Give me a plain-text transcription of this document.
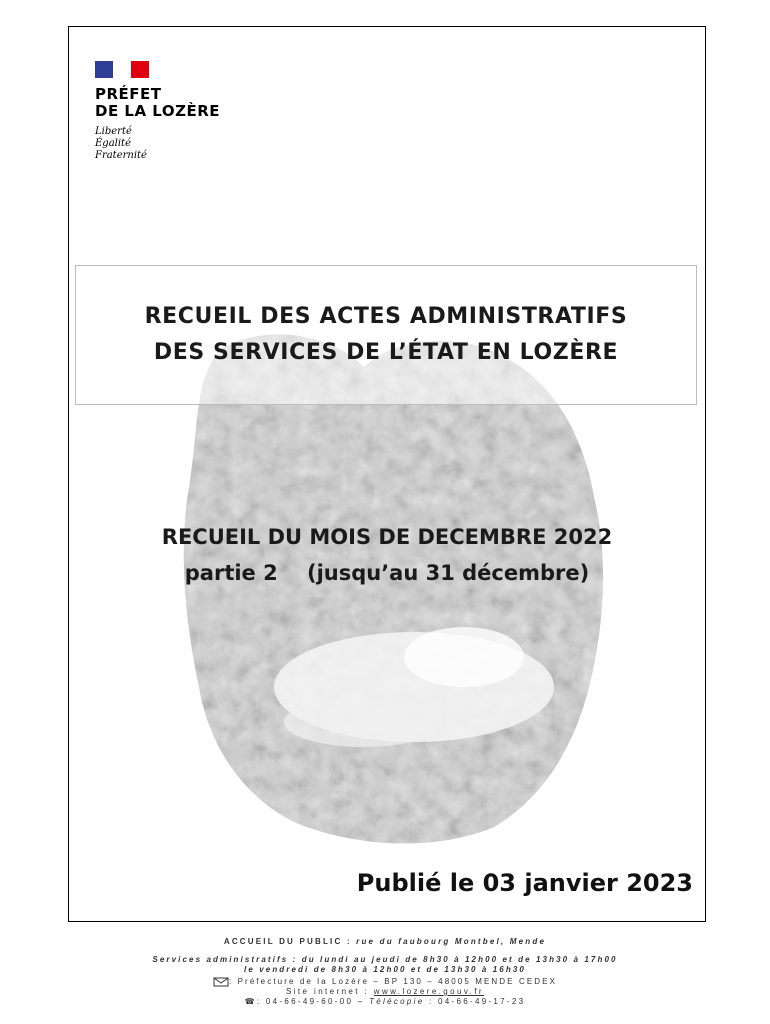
PRÉFET
DE LA LOZÈRE
Liberté
Égalité
Fraternité
RECUEIL DES ACTES ADMINISTRATIFS
DES SERVICES DE L’ÉTAT EN LOZÈRE
RECUEIL DU MOIS DE DECEMBRE 2022
partie 2    (jusqu’au 31 décembre)
Publié le 03 janvier 2023
ACCUEIL DU PUBLIC : rue du faubourg Montbel, Mende
Services administratifs : du lundi au jeudi de 8h30 à 12h00 et de 13h30 à 17h00
le vendredi de 8h30 à 12h00 et de 13h30 à 16h30
: Préfecture de la Lozère – BP 130 – 48005 MENDE CEDEX
Site internet : www.lozere.gouv.fr
☎: 04-66-49-60-00 – Télécopie : 04-66-49-17-23
